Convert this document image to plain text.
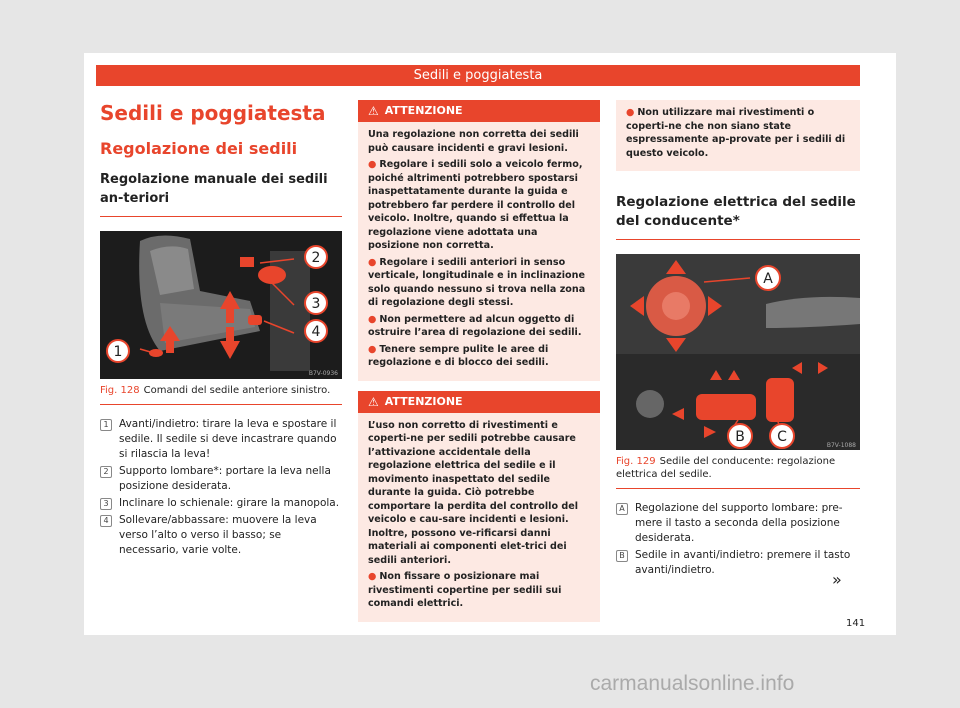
Sedili e poggiatesta
Sedili e poggiatesta
Regolazione dei sedili
Regolazione manuale dei sedili an-teriori
1
2
3
4
B7V-0936
Fig. 128 Comandi del sedile anteriore sinistro.
1 Avanti/indietro: tirare la leva e spostare il sedile. Il sedile si deve incastrare quando si rilascia la leva!
2 Supporto lombare*: portare la leva nella posizione desiderata.
3 Inclinare lo schienale: girare la manopola.
4 Sollevare/abbassare: muovere la leva verso l’alto o verso il basso; se necessario, varie volte.
⚠ ATTENZIONE

Una regolazione non corretta dei sedili può causare incidenti e gravi lesioni.

● Regolare i sedili solo a veicolo fermo, poiché altrimenti potrebbero spostarsi inaspettatamente durante la guida e potrebbero far perdere il controllo del veicolo. Inoltre, quando si effettua la regolazione viene adottata una posizione non corretta.

● Regolare i sedili anteriori in senso verticale, longitudinale e in inclinazione solo quando nessuno si trova nella zona di regolazione degli stessi.

● Non permettere ad alcun oggetto di ostruire l’area di regolazione dei sedili.

● Tenere sempre pulite le aree di regolazione e di blocco dei sedili.

⚠ ATTENZIONE

L’uso non corretto di rivestimenti e coperti-ne per sedili potrebbe causare l’attivazione accidentale della regolazione elettrica del sedile e il movimento inaspettato del sedile durante la guida. Ciò potrebbe comportare la perdita del controllo del veicolo e cau-sare incidenti e lesioni. Inoltre, possono ve-rificarsi danni materiali ai componenti elet-trici dei sedili anteriori.

● Non fissare o posizionare mai rivestimenti copertine per sedili sui comandi elettrici.

● Non utilizzare mai rivestimenti o coperti-ne che non siano state espressamente ap-provate per i sedili di questo veicolo.

Regolazione elettrica del sedile del conducente*
A
B C
B7V-1088
Fig. 129 Sedile del conducente: regolazione elettrica del sedile.
A Regolazione del supporto lombare: pre-mere il tasto a seconda della posizione desiderata.
B Sedile in avanti/indietro: premere il tasto avanti/indietro.	»
141
carmanualsonline.info
